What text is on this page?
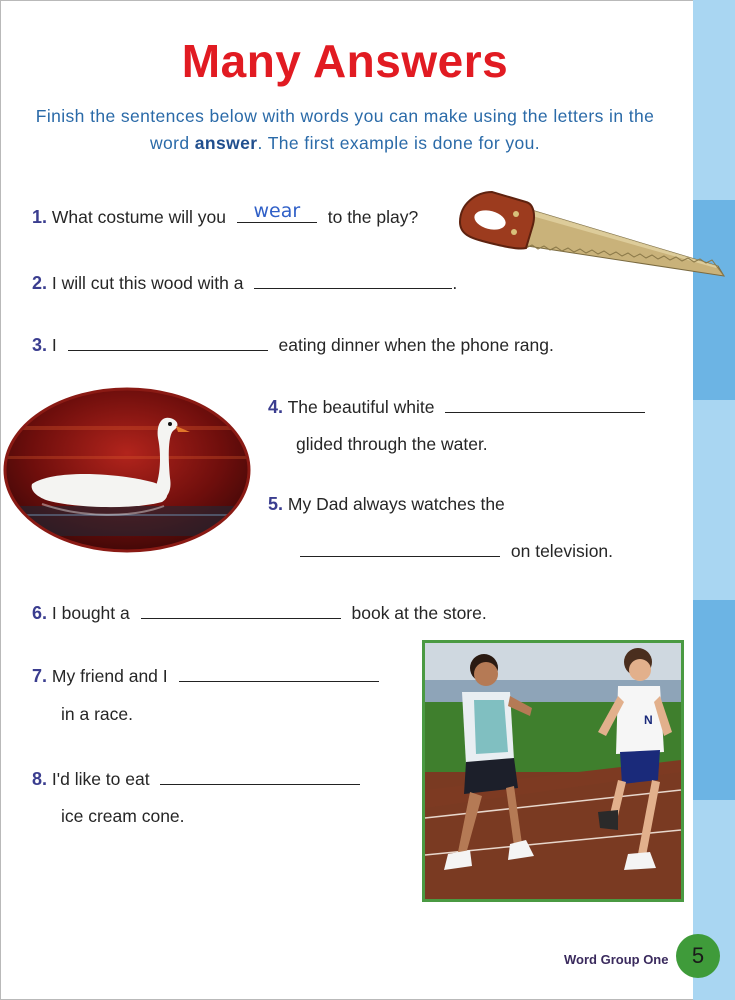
Many Answers
Finish the sentences below with words you can make using the letters in the word answer. The first example is done for you.
1. What costume will you wear to the play?
2. I will cut this wood with a	.
3. I	eating dinner when the phone rang.
4. The beautiful white
glided through the water.
5. My Dad always watches the
on television.
6. I bought a	book at the store.
7. My friend and I
in a race.
8. I'd like to eat
ice cream cone.
N
Word Group One	5
